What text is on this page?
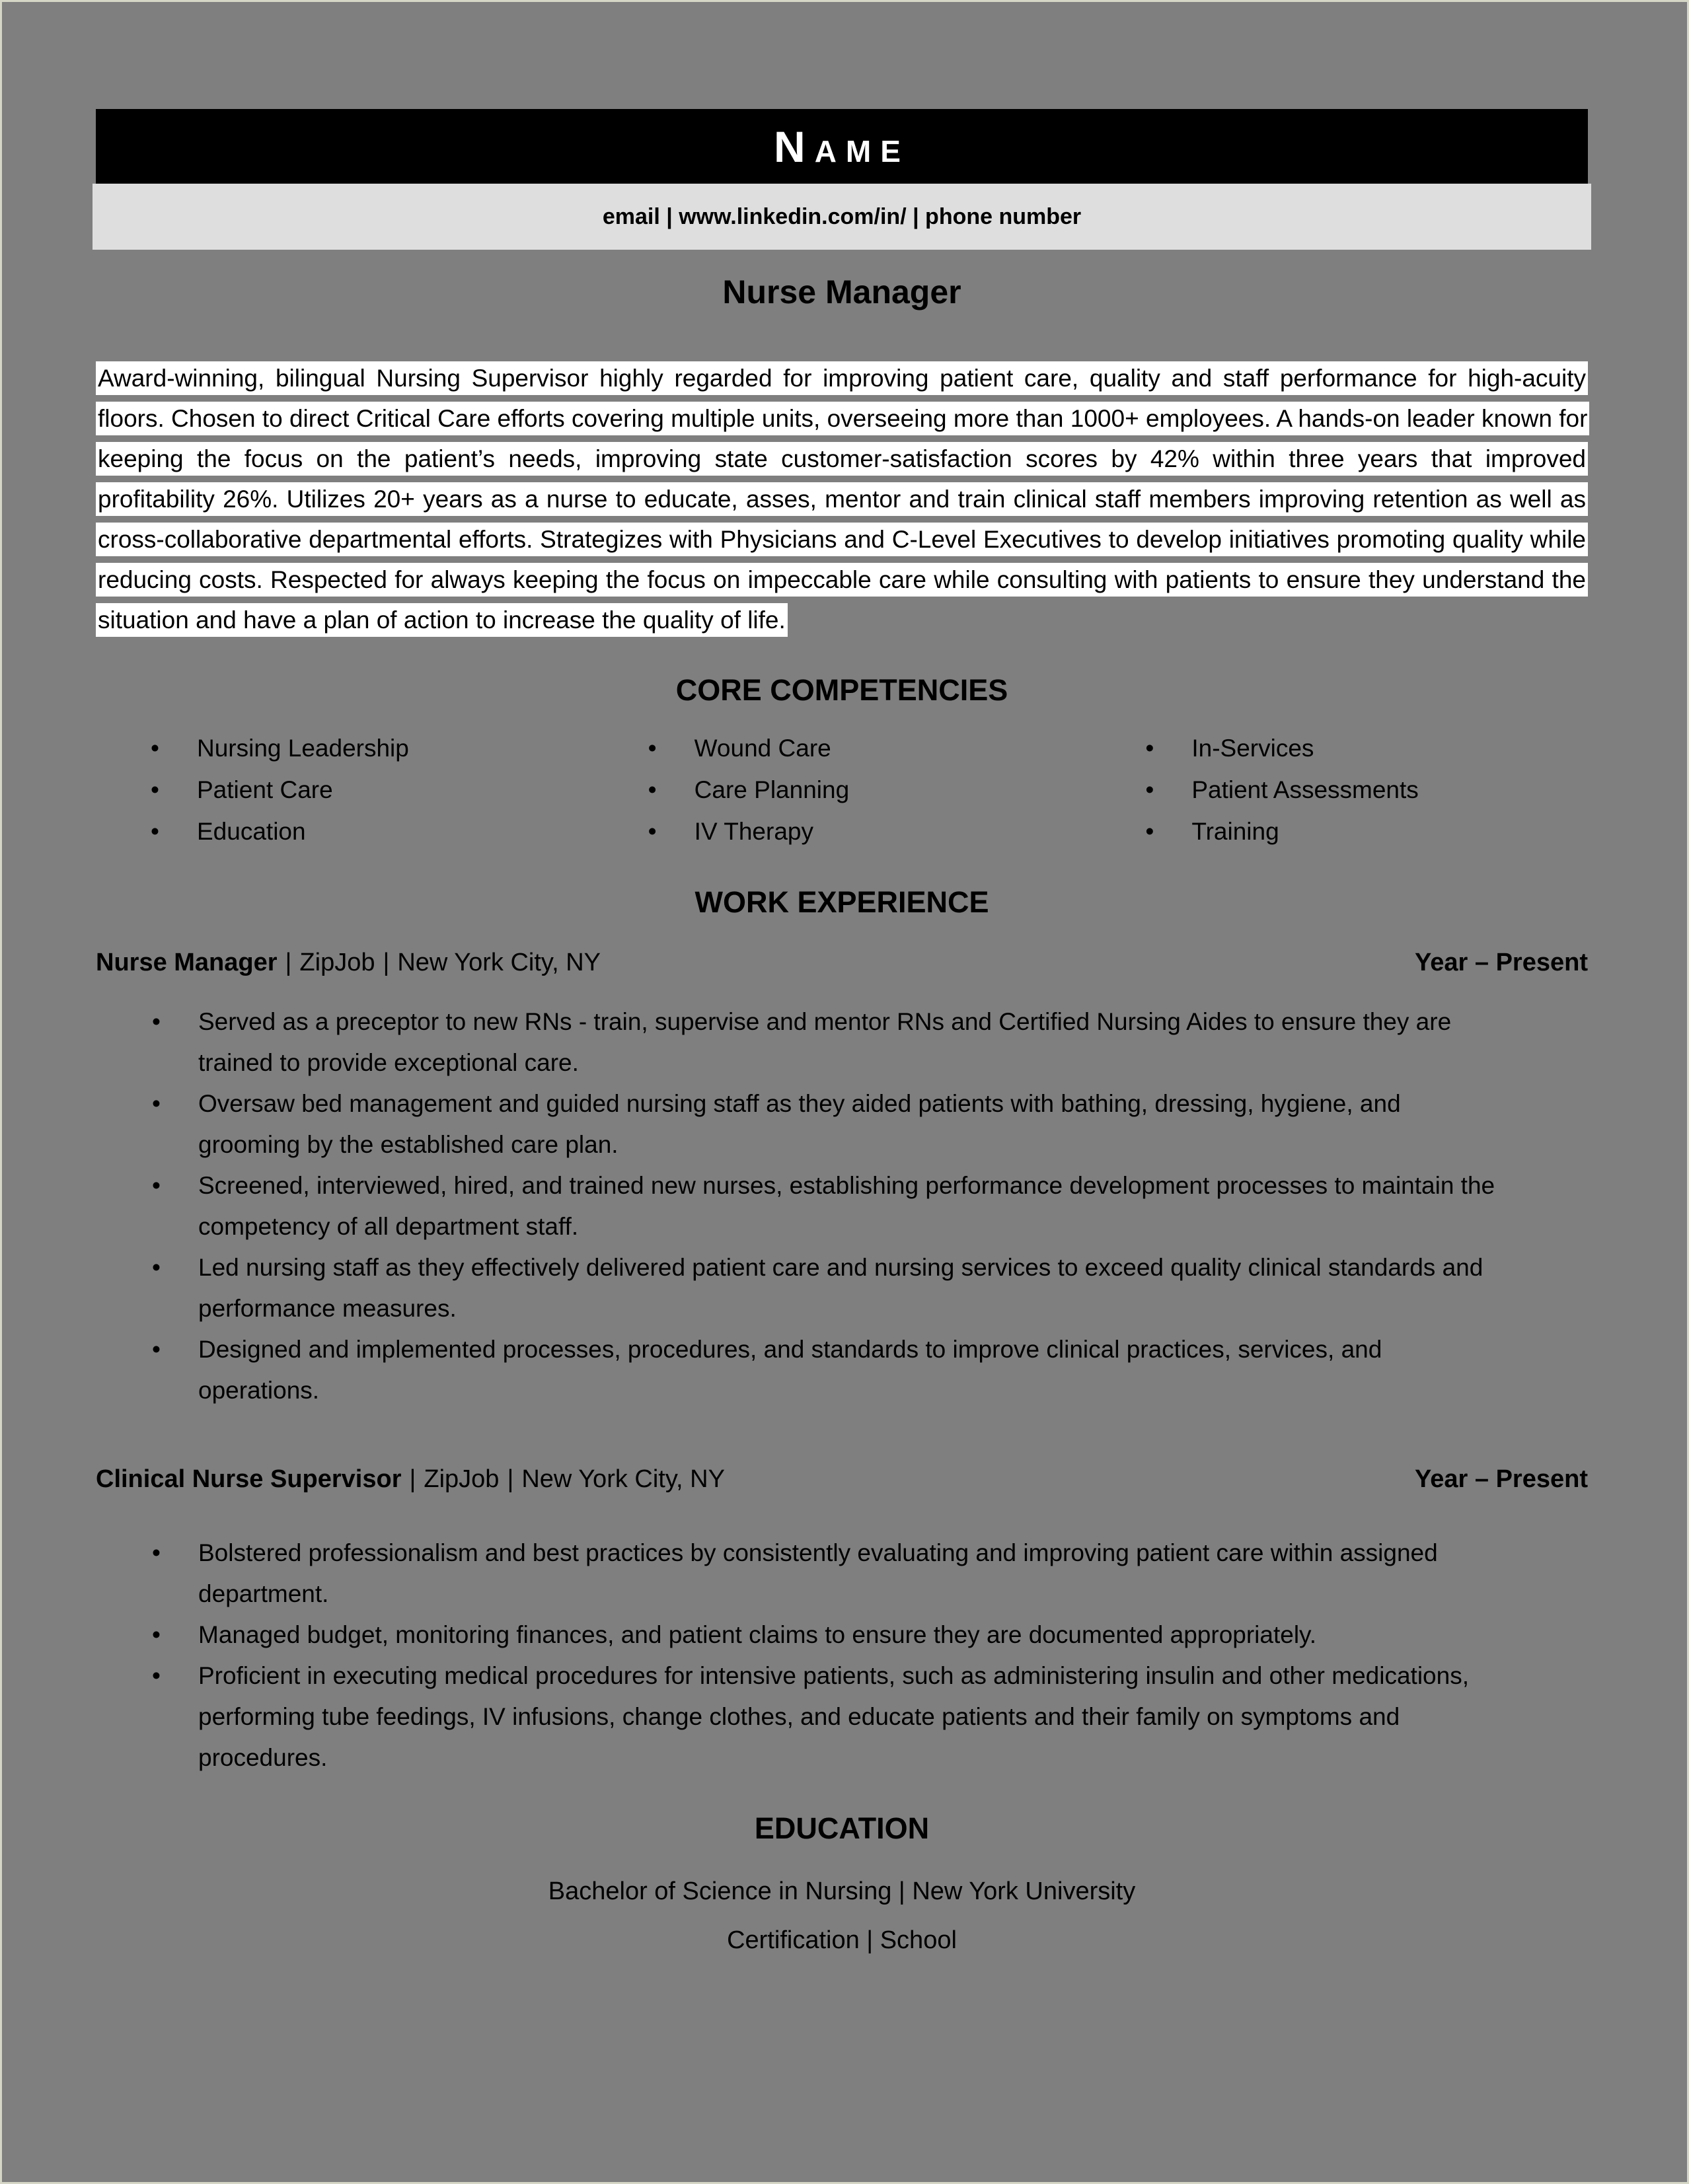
Name
email | www.linkedin.com/in/ | phone number
Nurse Manager

Award-winning, bilingual Nursing Supervisor highly regarded for improving patient care, quality and staff performance for high-acuity floors. Chosen to direct Critical Care efforts covering multiple units, overseeing more than 1000+ employees. A hands-on leader known for keeping the focus on the patient’s needs, improving state customer-satisfaction scores by 42% within three years that improved profitability 26%. Utilizes 20+ years as a nurse to educate, asses, mentor and train clinical staff members improving retention as well as cross-collaborative departmental efforts. Strategizes with Physicians and C-Level Executives to develop initiatives promoting quality while reducing costs. Respected for always keeping the focus on impeccable care while consulting with patients to ensure they understand the situation and have a plan of action to increase the quality of life.

CORE COMPETENCIES
•	Nursing Leadership
•	Patient Care
•	Education
•	Wound Care
•	Care Planning
•	IV Therapy
•	In-Services
•	Patient Assessments
•	Training
WORK EXPERIENCE
Nurse Manager | ZipJob | New York City, NY	Year – Present
•	Served as a preceptor to new RNs - train, supervise and mentor RNs and Certified Nursing Aides to ensure they are trained to provide exceptional care.
•	Oversaw bed management and guided nursing staff as they aided patients with bathing, dressing, hygiene, and grooming by the established care plan.
•	Screened, interviewed, hired, and trained new nurses, establishing performance development processes to maintain the competency of all department staff.
•	Led nursing staff as they effectively delivered patient care and nursing services to exceed quality clinical standards and performance measures.
•	Designed and implemented processes, procedures, and standards to improve clinical practices, services, and operations.
Clinical Nurse Supervisor | ZipJob | New York City, NY	Year – Present
•	Bolstered professionalism and best practices by consistently evaluating and improving patient care within assigned department.
•	Managed budget, monitoring finances, and patient claims to ensure they are documented appropriately.
•	Proficient in executing medical procedures for intensive patients, such as administering insulin and other medications, performing tube feedings, IV infusions, change clothes, and educate patients and their family on symptoms and procedures.
EDUCATION
Bachelor of Science in Nursing | New York University
Certification | School
